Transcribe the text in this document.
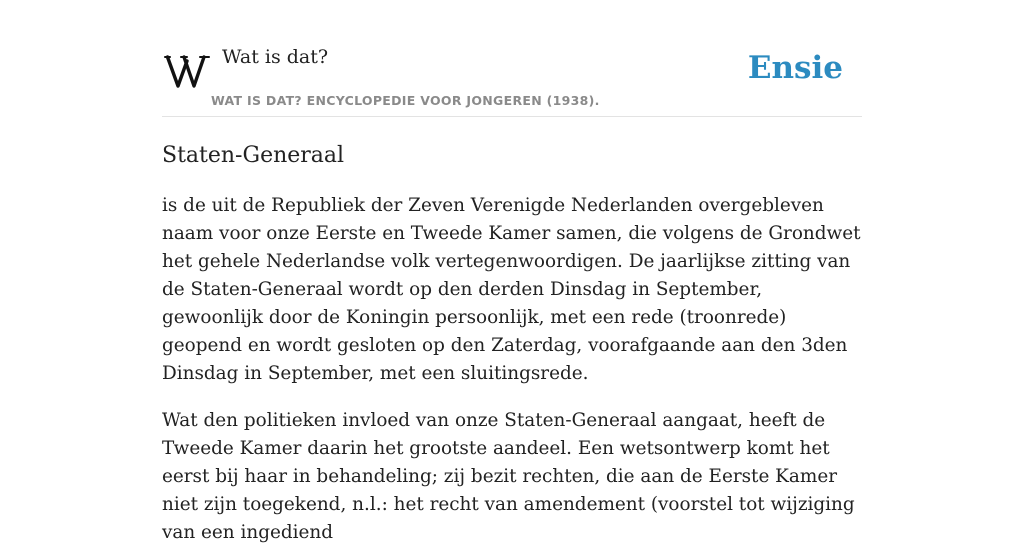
Wat is dat?	Ensie
WAT IS DAT? ENCYCLOPEDIE VOOR JONGEREN (1938).
Staten-Generaal

is de uit de Republiek der Zeven Verenigde Nederlanden overgebleven naam voor onze Eerste en Tweede Kamer samen, die volgens de Grondwet het gehele Nederlandse volk vertegenwoordigen. De jaarlijkse zitting van de Staten-Generaal wordt op den derden Dinsdag in September, gewoonlijk door de Koningin persoonlijk, met een rede (troonrede) geopend en wordt gesloten op den Zaterdag, voorafgaande aan den 3den Dinsdag in September, met een sluitingsrede.

Wat den politieken invloed van onze Staten-Generaal aangaat, heeft de Tweede Kamer daarin het grootste aandeel. Een wetsontwerp komt het eerst bij haar in behandeling; zij bezit rechten, die aan de Eerste Kamer niet zijn toegekend, n.l.: het recht van amendement (voorstel tot wijziging van een ingediend
